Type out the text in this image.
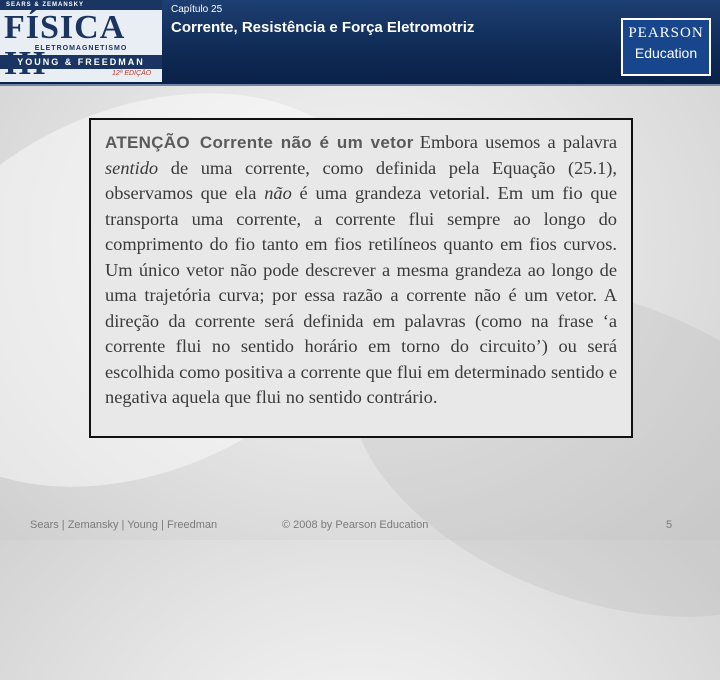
SEARS & ZEMANSKY
FÍSICA
ELETROMAGNETISMO
YOUNG & FREEDMAN
12ª EDIÇÃO
Capítulo 25
Corrente, Resistência e Força Eletromotriz	PEARSON
Education

ATENÇÃO Corrente não é um vetor Embora usemos a palavra sentido de uma corrente, como definida pela Equação (25.1), observamos que ela não é uma grandeza vetorial. Em um fio que transporta uma corrente, a corrente flui sempre ao longo do comprimento do fio tanto em fios retilíneos quanto em fios curvos. Um único vetor não pode descrever a mesma grandeza ao longo de uma trajetória curva; por essa razão a corrente não é um vetor. A direção da corrente será definida em palavras (como na frase ‘a corrente flui no sentido horário em torno do circuito’) ou será escolhida como positiva a corrente que flui em determinado sentido e negativa aquela que flui no sentido contrário.

Sears | Zemansky | Young | Freedman	© 2008 by Pearson Education	5
